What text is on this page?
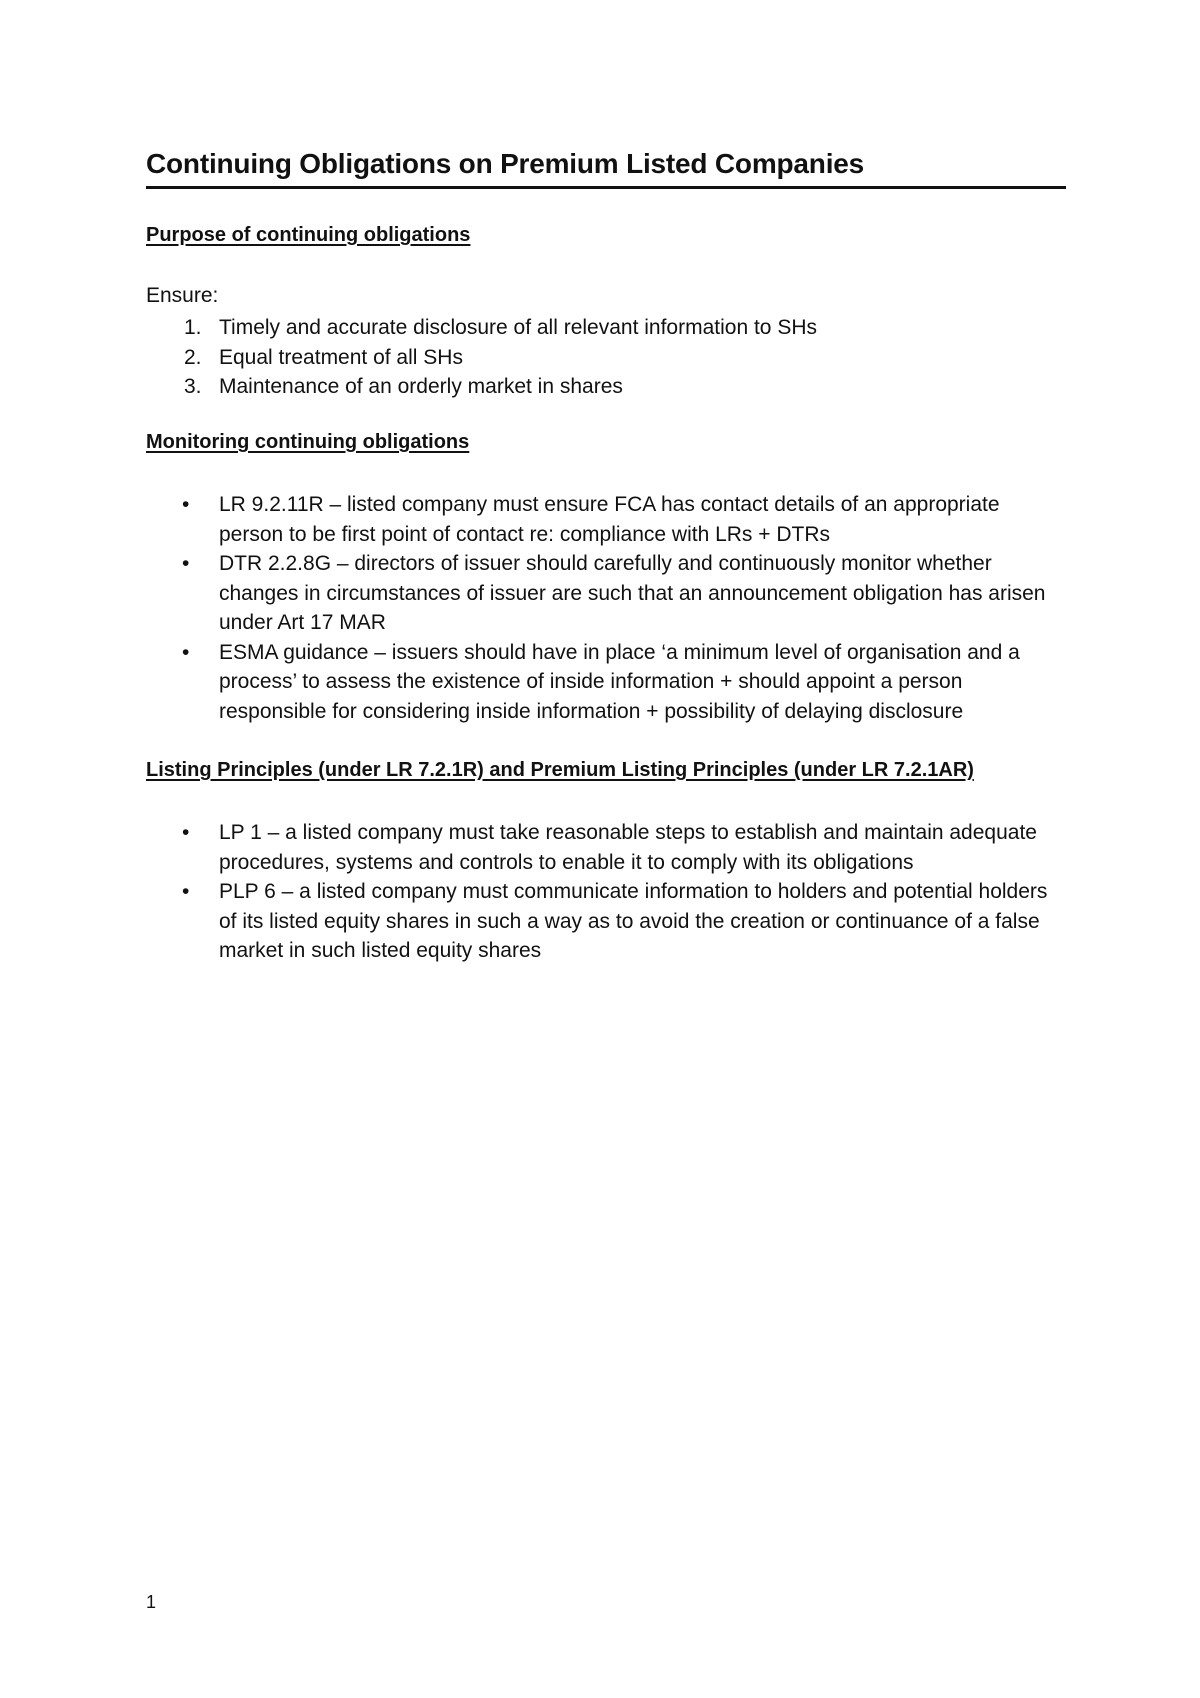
Continuing Obligations on Premium Listed Companies
Purpose of continuing obligations
Ensure:
1. Timely and accurate disclosure of all relevant information to SHs
2. Equal treatment of all SHs
3. Maintenance of an orderly market in shares
Monitoring continuing obligations
• LR 9.2.11R – listed company must ensure FCA has contact details of an appropriate person to be first point of contact re: compliance with LRs + DTRs
• DTR 2.2.8G – directors of issuer should carefully and continuously monitor whether changes in circumstances of issuer are such that an announcement obligation has arisen under Art 17 MAR
• ESMA guidance – issuers should have in place ‘a minimum level of organisation and a process’ to assess the existence of inside information + should appoint a person responsible for considering inside information + possibility of delaying disclosure
Listing Principles (under LR 7.2.1R) and Premium Listing Principles (under LR 7.2.1AR)
• LP 1 – a listed company must take reasonable steps to establish and maintain adequate procedures, systems and controls to enable it to comply with its obligations
• PLP 6 – a listed company must communicate information to holders and potential holders of its listed equity shares in such a way as to avoid the creation or continuance of a false market in such listed equity shares
1
